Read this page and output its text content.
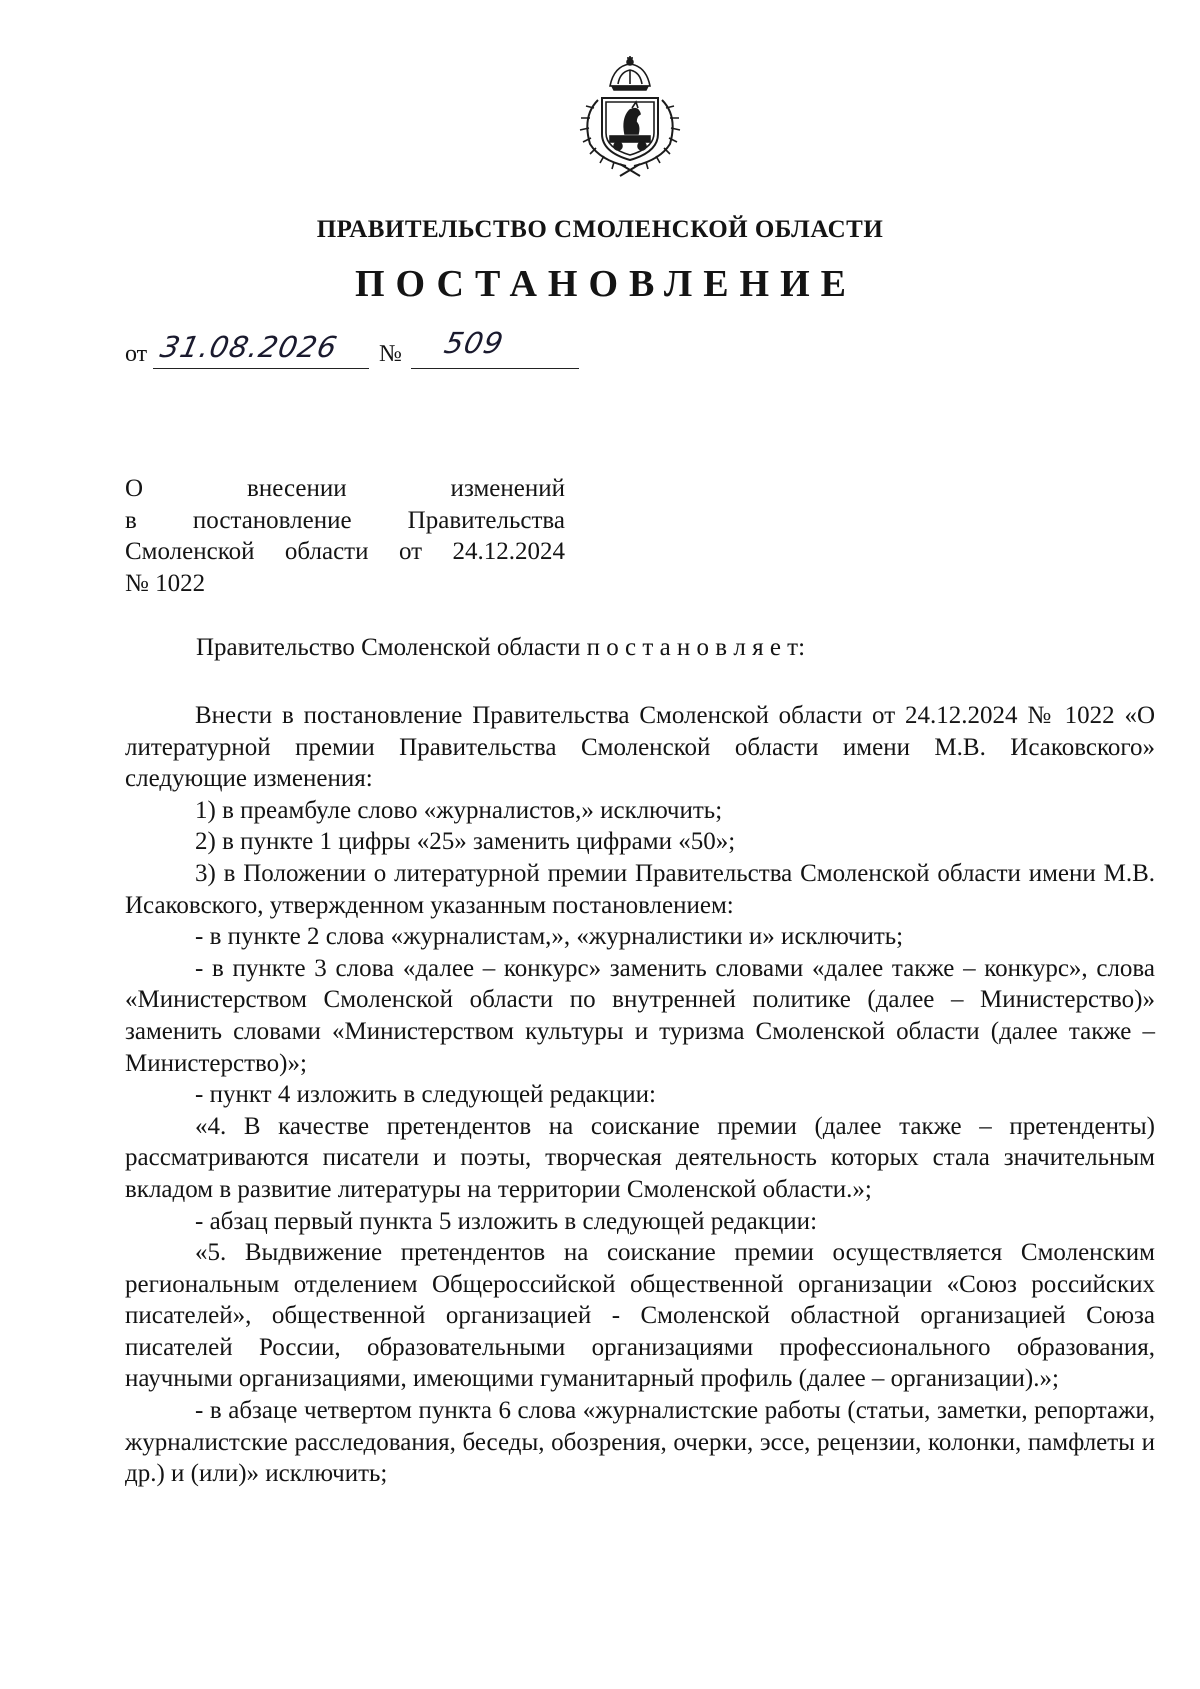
ПРАВИТЕЛЬСТВО СМОЛЕНСКОЙ ОБЛАСТИ
ПОСТАНОВЛЕНИЕ
от 31.08.2026 № 509
О внесении изменений
в постановление Правительства
Смоленской области от 24.12.2024
№ 1022
Правительство Смоленской области п о с т а н о в л я е т:

Внести в постановление Правительства Смоленской области от 24.12.2024 № 1022 «О литературной премии Правительства Смоленской области имени М.В. Исаковского» следующие изменения:

1) в преамбуле слово «журналистов,» исключить;

2) в пункте 1 цифры «25» заменить цифрами «50»;

3) в Положении о литературной премии Правительства Смоленской области имени М.В. Исаковского, утвержденном указанным постановлением:

- в пункте 2 слова «журналистам,», «журналистики и» исключить;

- в пункте 3 слова «далее – конкурс» заменить словами «далее также – конкурс», слова «Министерством Смоленской области по внутренней политике (далее – Министерство)» заменить словами «Министерством культуры и туризма Смоленской области (далее также – Министерство)»;

- пункт 4 изложить в следующей редакции:

«4. В качестве претендентов на соискание премии (далее также – претенденты) рассматриваются писатели и поэты, творческая деятельность которых стала значительным вкладом в развитие литературы на территории Смоленской области.»;

- абзац первый пункта 5 изложить в следующей редакции:

«5. Выдвижение претендентов на соискание премии осуществляется Смоленским региональным отделением Общероссийской общественной организации «Союз российских писателей», общественной организацией - Смоленской областной организацией Союза писателей России, образовательными организациями профессионального образования, научными организациями, имеющими гуманитарный профиль (далее – организации).»;

- в абзаце четвертом пункта 6 слова «журналистские работы (статьи, заметки, репортажи, журналистские расследования, беседы, обозрения, очерки, эссе, рецензии, колонки, памфлеты и др.) и (или)» исключить;
